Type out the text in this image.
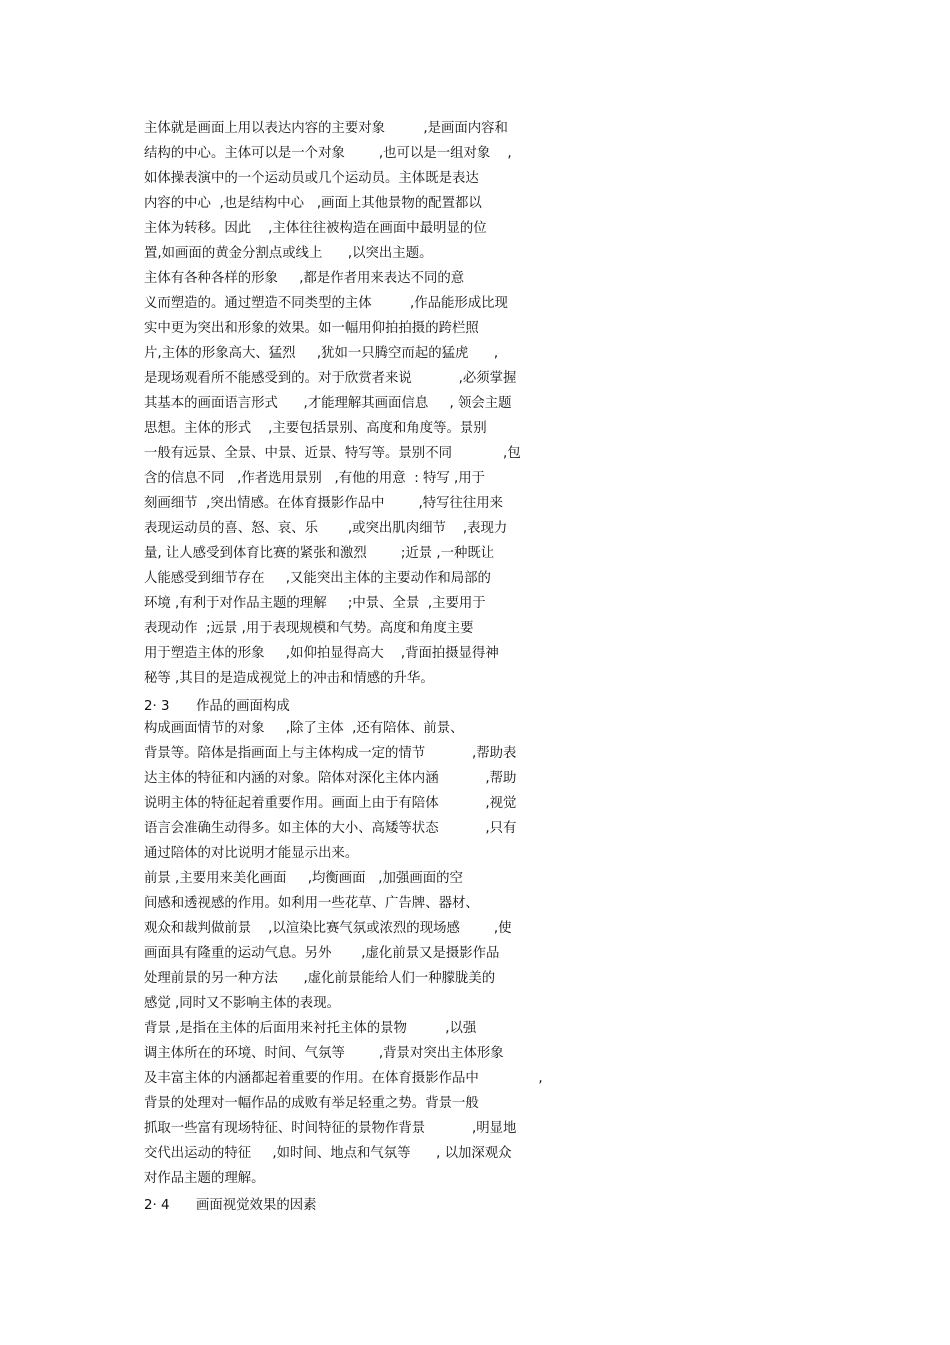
主体就是画面上用以表达内容的主要对象         ,是画面内容和
结构的中心。主体可以是一个对象        ,也可以是一组对象    ,
如体操表演中的一个运动员或几个运动员。主体既是表达
内容的中心  ,也是结构中心   ,画面上其他景物的配置都以
主体为转移。因此    ,主体往往被构造在画面中最明显的位
置,如画面的黄金分割点或线上      ,以突出主题。
主体有各种各样的形象     ,都是作者用来表达不同的意
义而塑造的。通过塑造不同类型的主体         ,作品能形成比现
实中更为突出和形象的效果。如一幅用仰拍拍摄的跨栏照
片,主体的形象高大、猛烈     ,犹如一只腾空而起的猛虎      ,
是现场观看所不能感受到的。对于欣赏者来说           ,必须掌握
其基本的画面语言形式      ,才能理解其画面信息     , 领会主题
思想。主体的形式    ,主要包括景别、高度和角度等。景别
一般有远景、全景、中景、近景、特写等。景别不同            ,包
含的信息不同   ,作者选用景别   ,有他的用意  : 特写 ,用于
刻画细节  ,突出情感。在体育摄影作品中        ,特写往往用来
表现运动员的喜、怒、哀、乐       ,或突出肌肉细节    ,表现力
量, 让人感受到体育比赛的紧张和激烈        ;近景 ,一种既让
人能感受到细节存在     ,又能突出主体的主要动作和局部的
环境 ,有利于对作品主题的理解     ;中景、全景  ,主要用于
表现动作  ;远景 ,用于表现规模和气势。高度和角度主要
用于塑造主体的形象     ,如仰拍显得高大    ,背面拍摄显得神
秘等 ,其目的是造成视觉上的冲击和情感的升华。
2· 3 作品的画面构成
构成画面情节的对象     ,除了主体  ,还有陪体、前景、
背景等。陪体是指画面上与主体构成一定的情节           ,帮助表
达主体的特征和内涵的对象。陪体对深化主体内涵           ,帮助
说明主体的特征起着重要作用。画面上由于有陪体           ,视觉
语言会准确生动得多。如主体的大小、高矮等状态           ,只有
通过陪体的对比说明才能显示出来。
前景 ,主要用来美化画面     ,均衡画面   ,加强画面的空
间感和透视感的作用。如利用一些花草、广告牌、器材、
观众和裁判做前景    ,以渲染比赛气氛或浓烈的现场感        ,使
画面具有隆重的运动气息。另外       ,虚化前景又是摄影作品
处理前景的另一种方法      ,虚化前景能给人们一种朦胧美的
感觉 ,同时又不影响主体的表现。
背景 ,是指在主体的后面用来衬托主体的景物         ,以强
调主体所在的环境、时间、气氛等        ,背景对突出主体形象
及丰富主体的内涵都起着重要的作用。在体育摄影作品中              ,
背景的处理对一幅作品的成败有举足轻重之势。背景一般
抓取一些富有现场特征、时间特征的景物作背景           ,明显地
交代出运动的特征     ,如时间、地点和气氛等      , 以加深观众
对作品主题的理解。
2· 4 画面视觉效果的因素
